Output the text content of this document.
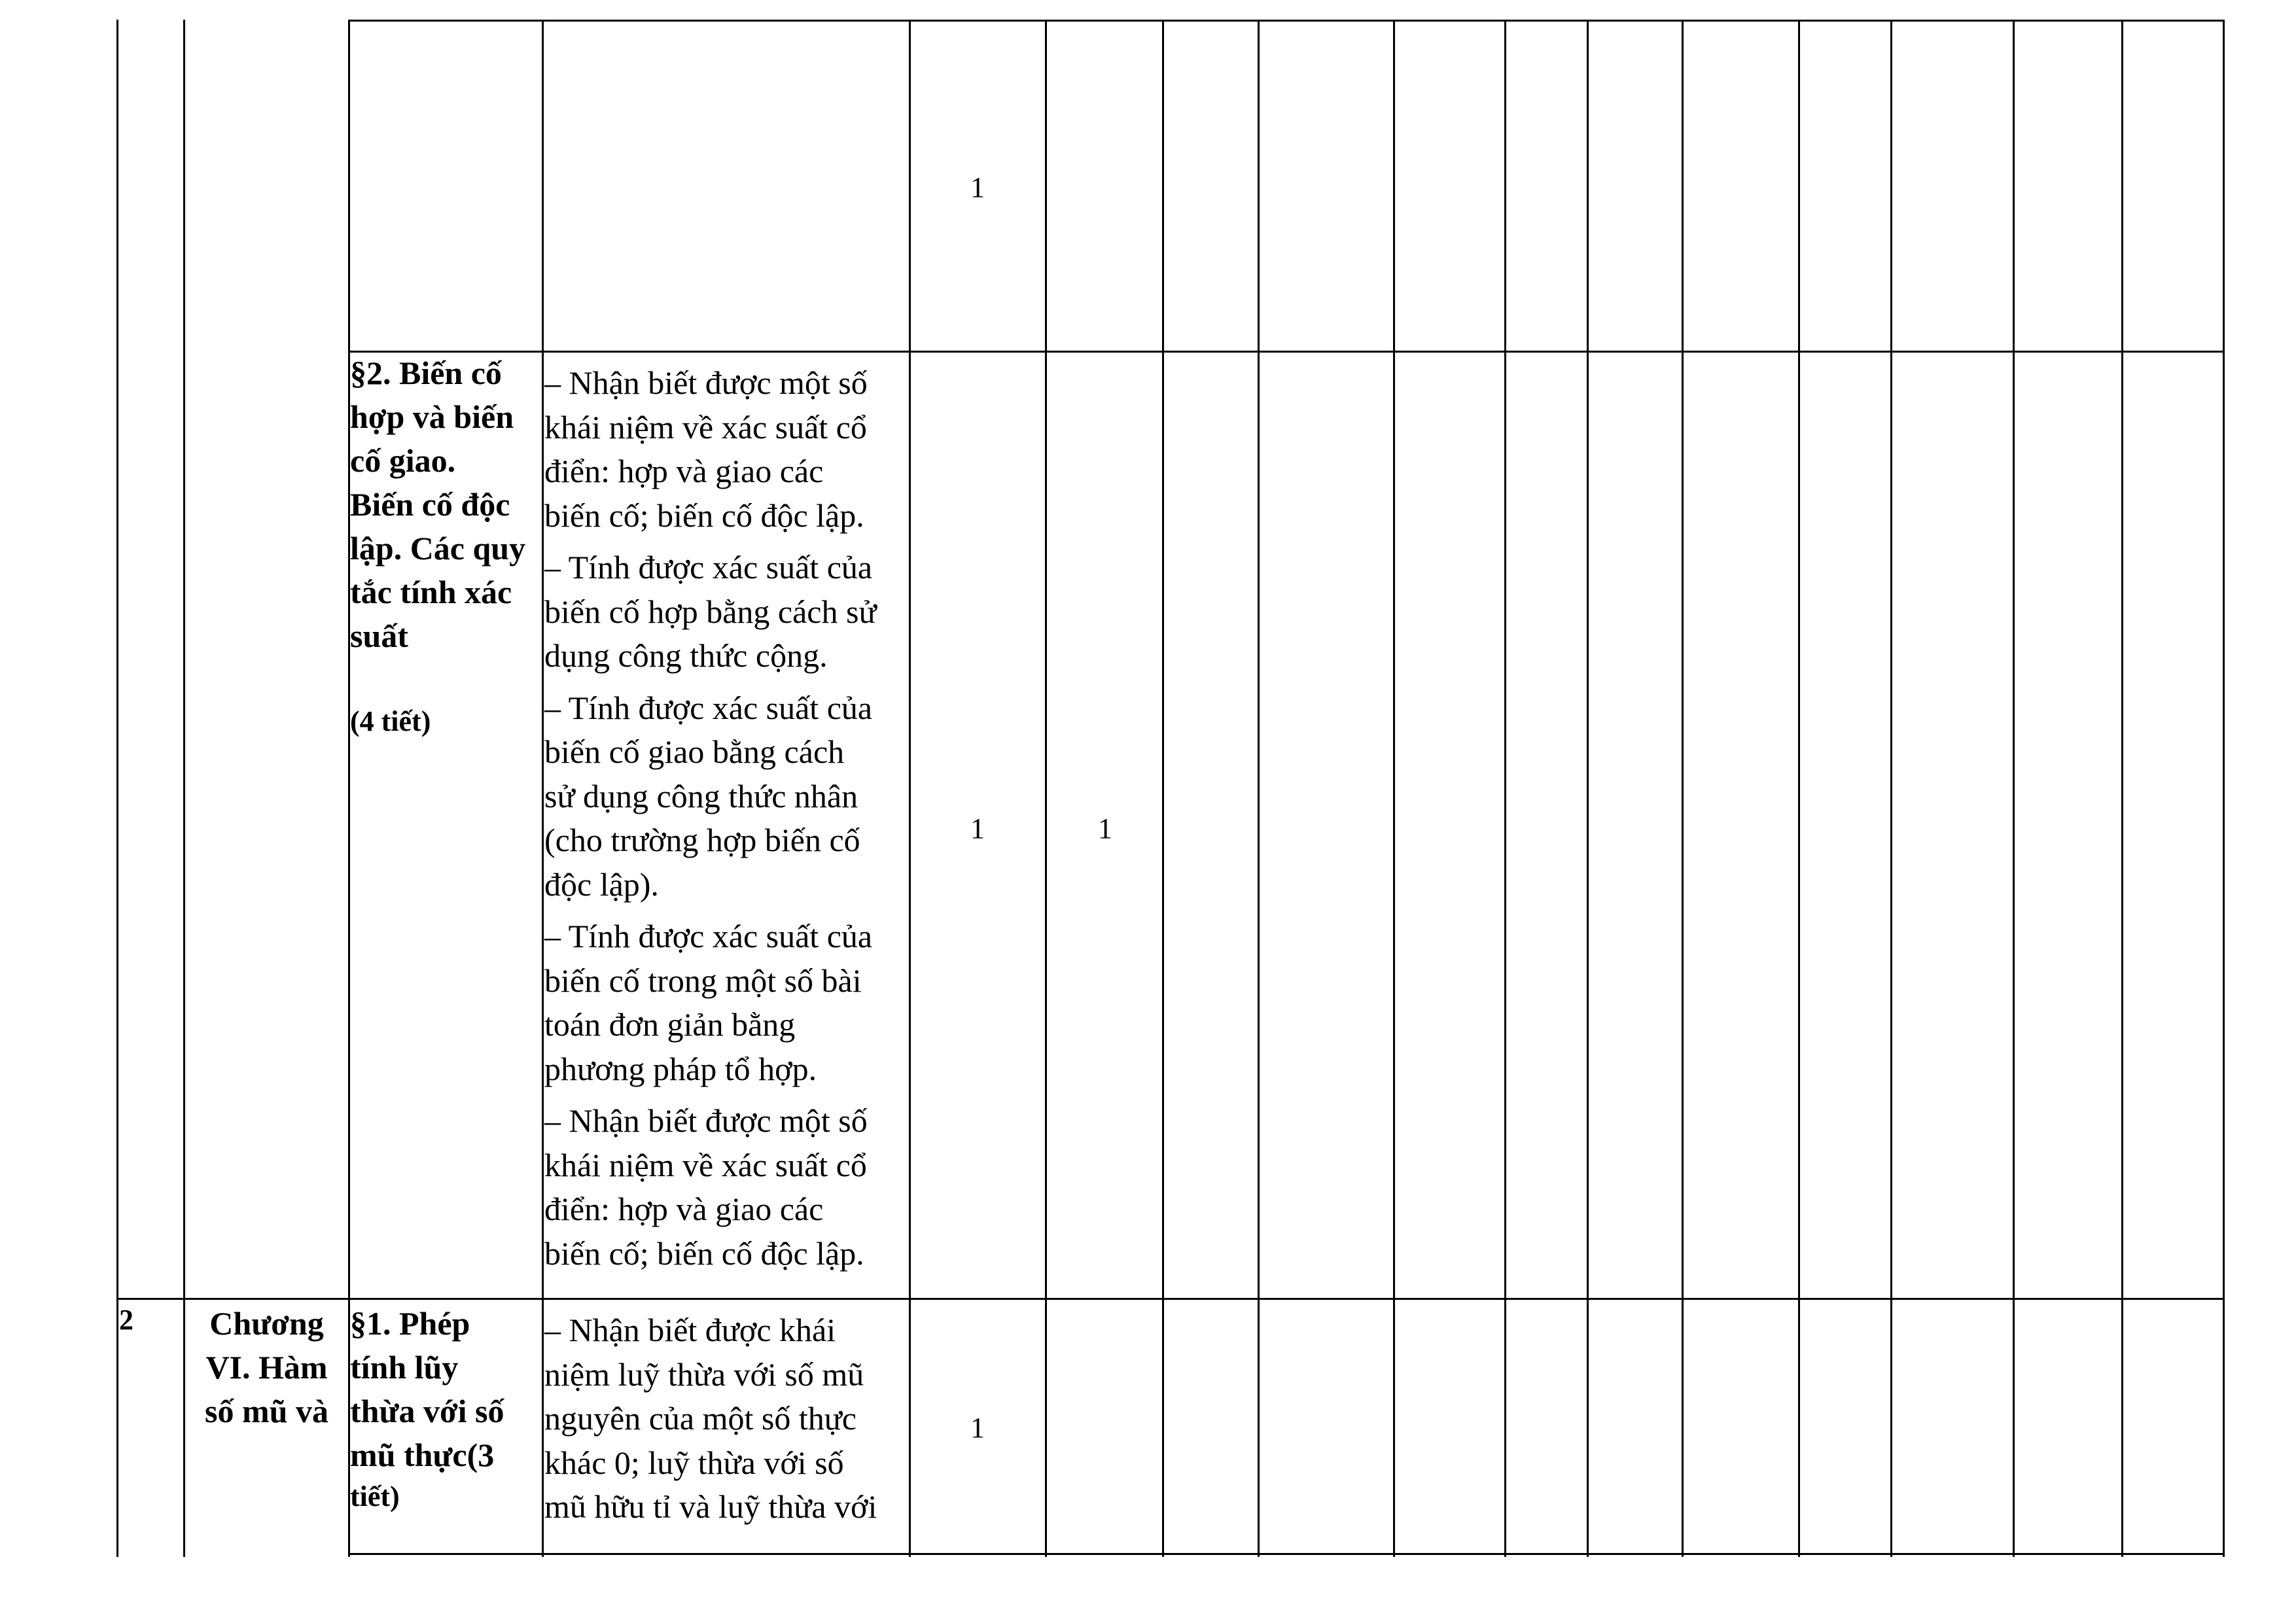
1
§2. Biến cố
hợp và biến
cố giao.
Biến cố độc
lập. Các quy
tắc tính xác
suất
(4 tiết)
– Nhận biết được một số
khái niệm về xác suất cổ
điển: hợp và giao các
biến cố; biến cố độc lập.
– Tính được xác suất của
biến cố hợp bằng cách sử
dụng công thức cộng.
– Tính được xác suất của
biến cố giao bằng cách
sử dụng công thức nhân
(cho trường hợp biến cố
độc lập).
– Tính được xác suất của
biến cố trong một số bài
toán đơn giản bằng
phương pháp tổ hợp.
– Nhận biết được một số
khái niệm về xác suất cổ
điển: hợp và giao các
biến cố; biến cố độc lập.
1	1
2	Chương
VI. Hàm
số mũ và
§1. Phép
tính lũy
thừa với số
mũ thực(3
tiết)
– Nhận biết được khái
niệm luỹ thừa với số mũ
nguyên của một số thực
khác 0; luỹ thừa với số
mũ hữu tỉ và luỹ thừa với
1
